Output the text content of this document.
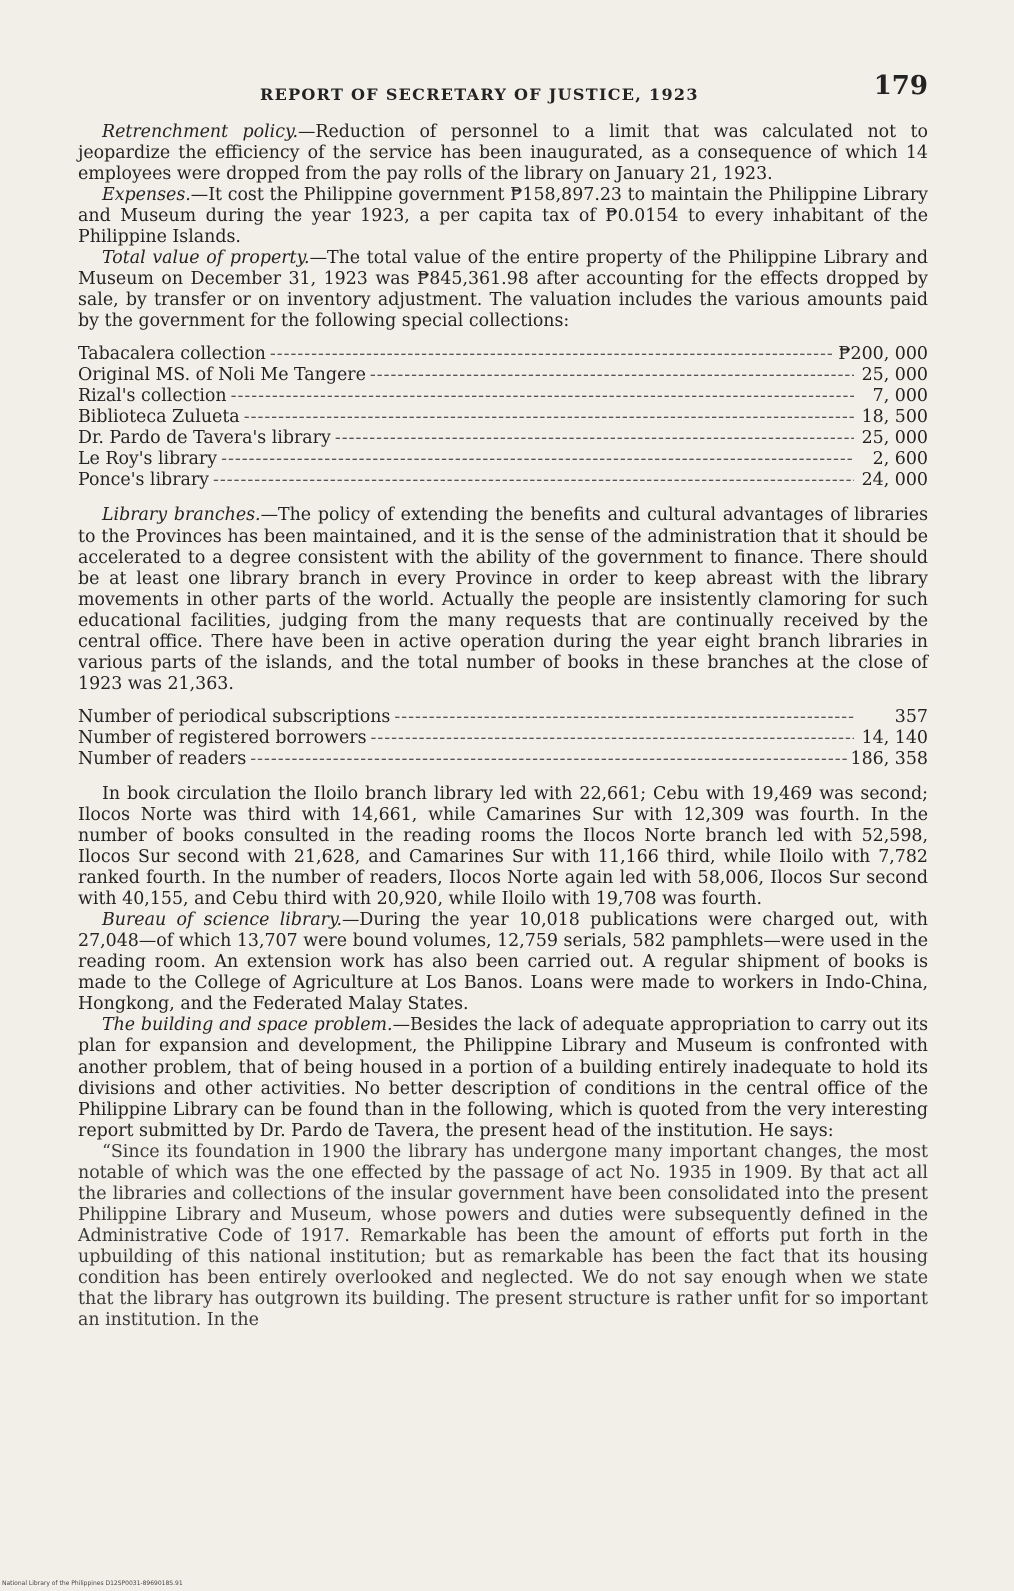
REPORT OF SECRETARY OF JUSTICE, 1923	179

Retrenchment policy.—Reduction of personnel to a limit that was calculated not to jeopardize the efficiency of the service has been inaugurated, as a consequence of which 14 employees were dropped from the pay rolls of the library on January 21, 1923.

Expenses.—It cost the Philippine government ₱158,897.23 to maintain the Philippine Library and Museum during the year 1923, a per capita tax of ₱0.0154 to every inhabitant of the Philippine Islands.

Total value of property.—The total value of the entire property of the Philippine Library and Museum on December 31, 1923 was ₱845,361.98 after accounting for the effects dropped by sale, by transfer or on inventory adjustment. The valuation includes the various amounts paid by the government for the following special collections:

Tabacalera collection -----	₱200, 000
Original MS. of Noli Me Tangere -----	25, 000
Rizal's collection -----	7, 000
Biblioteca Zulueta -----	18, 500
Dr. Pardo de Tavera's library -----	25, 000
Le Roy's library -----	2, 600
Ponce's library -----	24, 000

Library branches.—The policy of extending the benefits and cultural advantages of libraries to the Provinces has been maintained, and it is the sense of the administration that it should be accelerated to a degree consistent with the ability of the government to finance. There should be at least one library branch in every Province in order to keep abreast with the library movements in other parts of the world. Actually the people are insistently clamoring for such educational facilities, judging from the many requests that are continually received by the central office. There have been in active operation during the year eight branch libraries in various parts of the islands, and the total number of books in these branches at the close of 1923 was 21,363.

Number of periodical subscriptions -----	357
Number of registered borrowers -----	14, 140
Number of readers -----	186, 358

In book circulation the Iloilo branch library led with 22,661; Cebu with 19,469 was second; Ilocos Norte was third with 14,661, while Camarines Sur with 12,309 was fourth. In the number of books consulted in the reading rooms the Ilocos Norte branch led with 52,598, Ilocos Sur second with 21,628, and Camarines Sur with 11,166 third, while Iloilo with 7,782 ranked fourth. In the number of readers, Ilocos Norte again led with 58,006, Ilocos Sur second with 40,155, and Cebu third with 20,920, while Iloilo with 19,708 was fourth.

Bureau of science library.—During the year 10,018 publications were charged out, with 27,048—of which 13,707 were bound volumes, 12,759 serials, 582 pamphlets—were used in the reading room. An extension work has also been carried out. A regular shipment of books is made to the College of Agriculture at Los Banos. Loans were made to workers in Indo-China, Hongkong, and the Federated Malay States.

The building and space problem.—Besides the lack of adequate appropriation to carry out its plan for expansion and development, the Philippine Library and Museum is confronted with another problem, that of being housed in a portion of a building entirely inadequate to hold its divisions and other activities. No better description of conditions in the central office of the Philippine Library can be found than in the following, which is quoted from the very interesting report submitted by Dr. Pardo de Tavera, the present head of the institution. He says:

“Since its foundation in 1900 the library has undergone many important changes, the most notable of which was the one effected by the passage of act No. 1935 in 1909. By that act all the libraries and collections of the insular government have been consolidated into the present Philippine Library and Museum, whose powers and duties were subsequently defined in the Administrative Code of 1917. Remarkable has been the amount of efforts put forth in the upbuilding of this national institution; but as remarkable has been the fact that its housing condition has been entirely overlooked and neglected. We do not say enough when we state that the library has outgrown its building. The present structure is rather unfit for so important an institution. In the

National Library of the Philippines D12SP0031-8969018S.91
